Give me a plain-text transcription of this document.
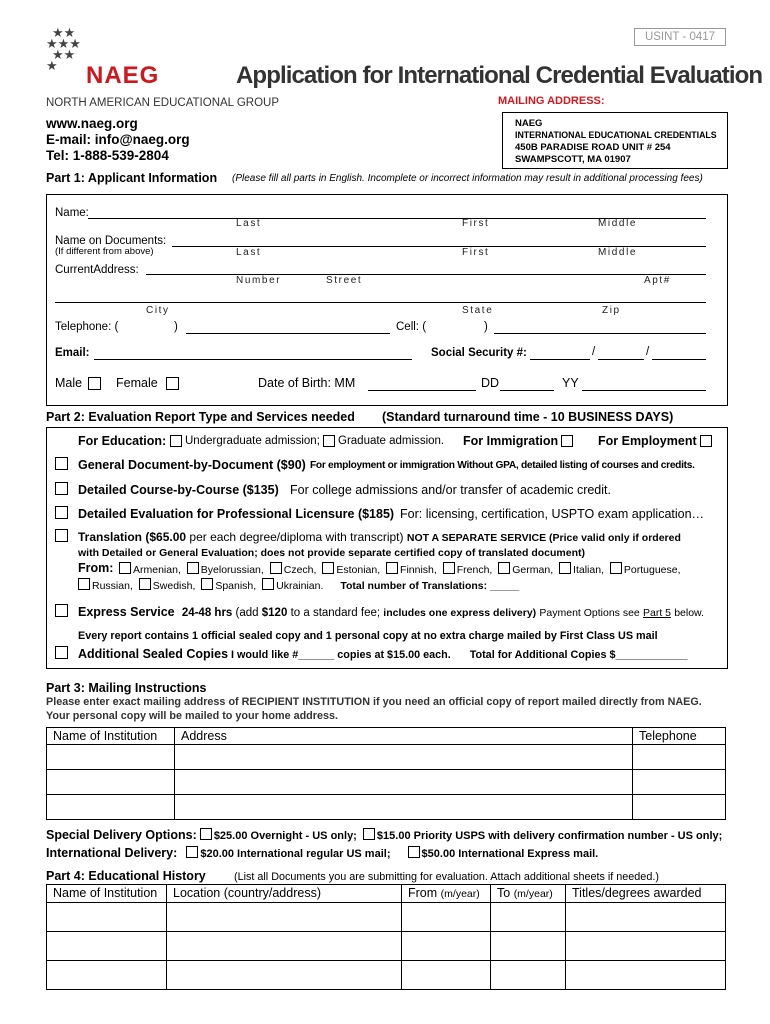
USINT - 0417
★★
★★★
★★
★ NAEG
NORTH AMERICAN EDUCATIONAL GROUP
Application for International Credential Evaluation
www.naeg.org
E-mail: info@naeg.org
Tel: 1-888-539-2804
MAILING ADDRESS:
NAEG
INTERNATIONAL EDUCATIONAL CREDENTIALS
450B PARADISE ROAD UNIT # 254
SWAMPSCOTT, MA 01907
Part 1: Applicant Information (Please fill all parts in English. Incomplete or incorrect information may result in additional processing fees)
Name:
Last	First	Middle
Name on Documents:
(If different from above)	Last	First	Middle
CurrentAddress:
Number	Street	Apt#
City	State	Zip
Telephone: (	)	Cell: (	)
Email:	Social Security #:	/	/
Male	Female	Date of Birth: MM	DD	YY
Part 2: Evaluation Report Type and Services needed (Standard turnaround time - 10 BUSINESS DAYS)
For Education: Undergraduate admission; Graduate admission. For Immigration	For Employment
General Document-by-Document ($90) For employment or immigration Without GPA, detailed listing of courses and credits.
Detailed Course-by-Course ($135) For college admissions and/or transfer of academic credit.
Detailed Evaluation for Professional Licensure ($185) For: licensing, certification, USPTO exam application…
Translation ($65.00 per each degree/diploma with transcript) NOT A SEPARATE SERVICE (Price valid only if ordered
with Detailed or General Evaluation; does not provide separate certified copy of translated document)
From:	Armenian, Byelorussian, Czech, Estonian, Finnish, French, German, Italian, Portuguese,
Russian, Swedish, Spanish, Ukrainian. Total number of Translations: _____
Express Service 24-48 hrs (add $120 to a standard fee; includes one express delivery) Payment Options see Part 5 below.
Every report contains 1 official sealed copy and 1 personal copy at no extra charge mailed by First Class US mail
Additional Sealed Copies I would like #______ copies at $15.00 each. Total for Additional Copies $____________
Part 3: Mailing Instructions
Please enter exact mailing address of RECIPIENT INSTITUTION if you need an official copy of report mailed directly from NAEG.
Your personal copy will be mailed to your home address.
Name of Institution	Address	Telephone

Special Delivery Options: $25.00 Overnight - US only; $15.00 Priority USPS with delivery confirmation number - US only;
International Delivery: $20.00 International regular US mail;	$50.00 International Express mail.
Part 4: Educational History	(List all Documents you are submitting for evaluation. Attach additional sheets if needed.)
Name of Institution	Location (country/address)	From (m/year)	To (m/year)	Titles/degrees awarded
